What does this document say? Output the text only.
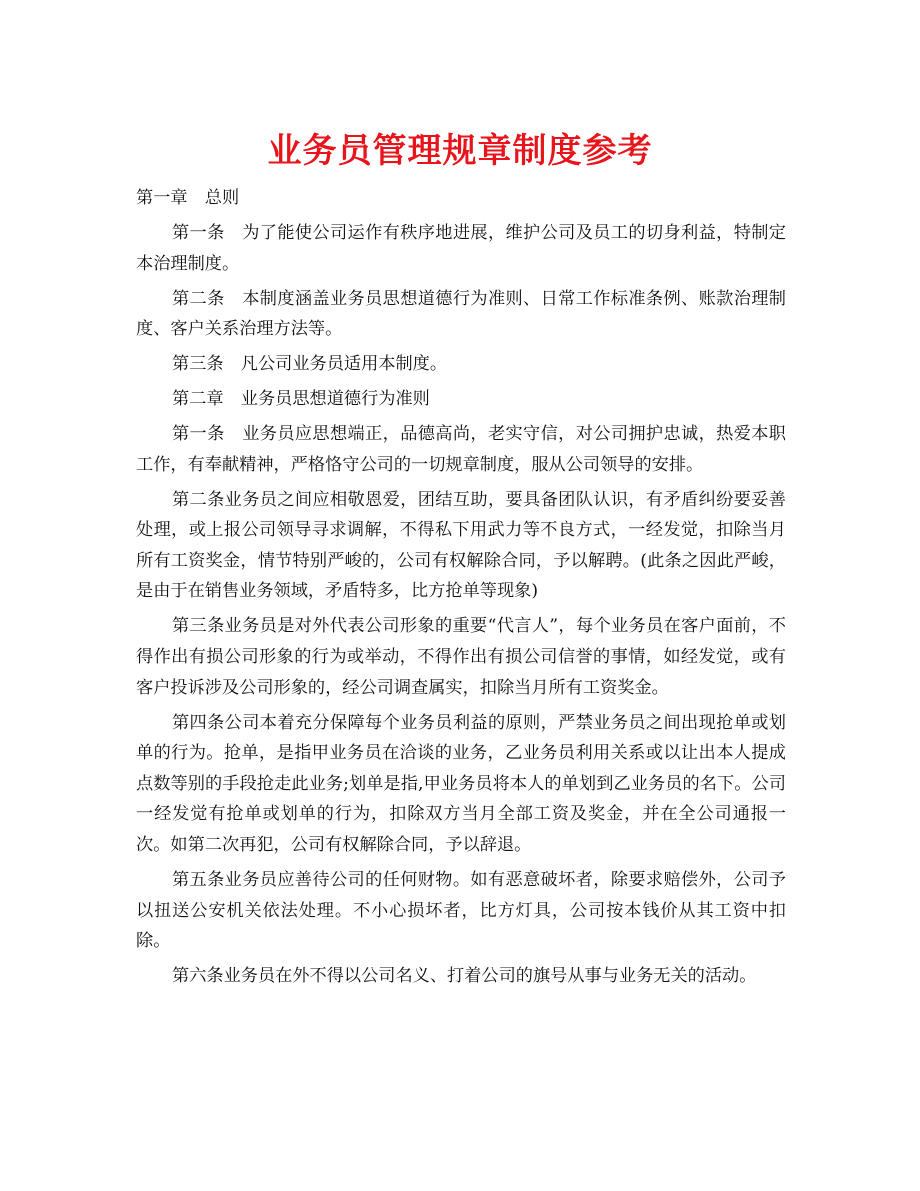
业务员管理规章制度参考

第一章　总则

第一条　为了能使公司运作有秩序地进展，维护公司及员工的切身利益，特制定本治理制度。

第二条　本制度涵盖业务员思想道德行为准则、日常工作标准条例、账款治理制度、客户关系治理方法等。

第三条　凡公司业务员适用本制度。

第二章　业务员思想道德行为准则

第一条　业务员应思想端正，品德高尚，老实守信，对公司拥护忠诚，热爱本职工作，有奉献精神，严格恪守公司的一切规章制度，服从公司领导的安排。

第二条业务员之间应相敬恩爱，团结互助，要具备团队认识，有矛盾纠纷要妥善处理，或上报公司领导寻求调解，不得私下用武力等不良方式，一经发觉，扣除当月所有工资奖金，情节特别严峻的，公司有权解除合同，予以解聘。(此条之因此严峻，是由于在销售业务领域，矛盾特多，比方抢单等现象)

第三条业务员是对外代表公司形象的重要“代言人”，每个业务员在客户面前，不得作出有损公司形象的行为或举动，不得作出有损公司信誉的事情，如经发觉，或有客户投诉涉及公司形象的，经公司调查属实，扣除当月所有工资奖金。

第四条公司本着充分保障每个业务员利益的原则，严禁业务员之间出现抢单或划单的行为。抢单，是指甲业务员在洽谈的业务，乙业务员利用关系或以让出本人提成点数等别的手段抢走此业务;划单是指,甲业务员将本人的单划到乙业务员的名下。公司一经发觉有抢单或划单的行为，扣除双方当月全部工资及奖金，并在全公司通报一次。如第二次再犯，公司有权解除合同，予以辞退。

第五条业务员应善待公司的任何财物。如有恶意破坏者，除要求赔偿外，公司予以扭送公安机关依法处理。不小心损坏者，比方灯具，公司按本钱价从其工资中扣除。

第六条业务员在外不得以公司名义、打着公司的旗号从事与业务无关的活动。
